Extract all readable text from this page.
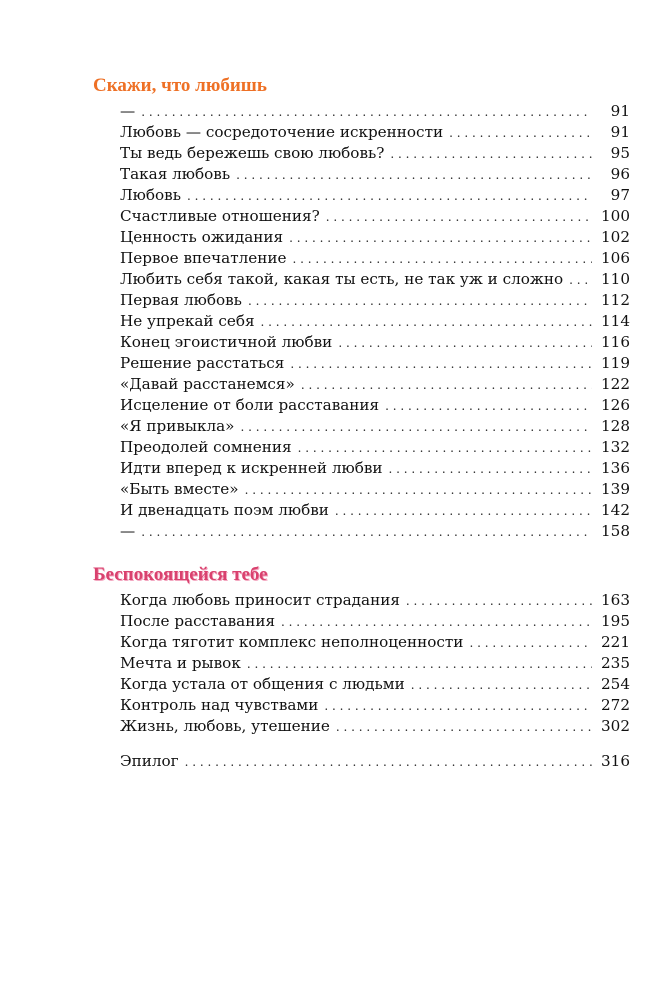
Скажи, что любишь
— . . .	91
Любовь — сосредоточение искренности . . .	91
Ты ведь бережешь свою любовь? . . .	95
Такая любовь . . .	96
Любовь . . .	97
Счастливые отношения? . . .	100
Ценность ожидания . . .	102
Первое впечатление . . .	106
Любить себя такой, какая ты есть, не так уж и сложно . . . 110
Первая любовь . . .	112
Не упрекай себя . . .	114
Конец эгоистичной любви . . .	116
Решение расстаться . . .	119
«Давай расстанемся» . . .	122
Исцеление от боли расставания . . .	126
«Я привыкла» . . .	128
Преодолей сомнения . . .	132
Идти вперед к искренней любви . . .	136
«Быть вместе» . . .	139
И двенадцать поэм любви . . .	142
— . . .	158
Беспокоящейся тебе
Когда любовь приносит страдания . . .	163
После расставания . . .	195
Когда тяготит комплекс неполноценности . . .	221
Мечта и рывок . . .	235
Когда устала от общения с людьми . . .	254
Контроль над чувствами . . .	272
Жизнь, любовь, утешение . . .	302
Эпилог . . .	316
